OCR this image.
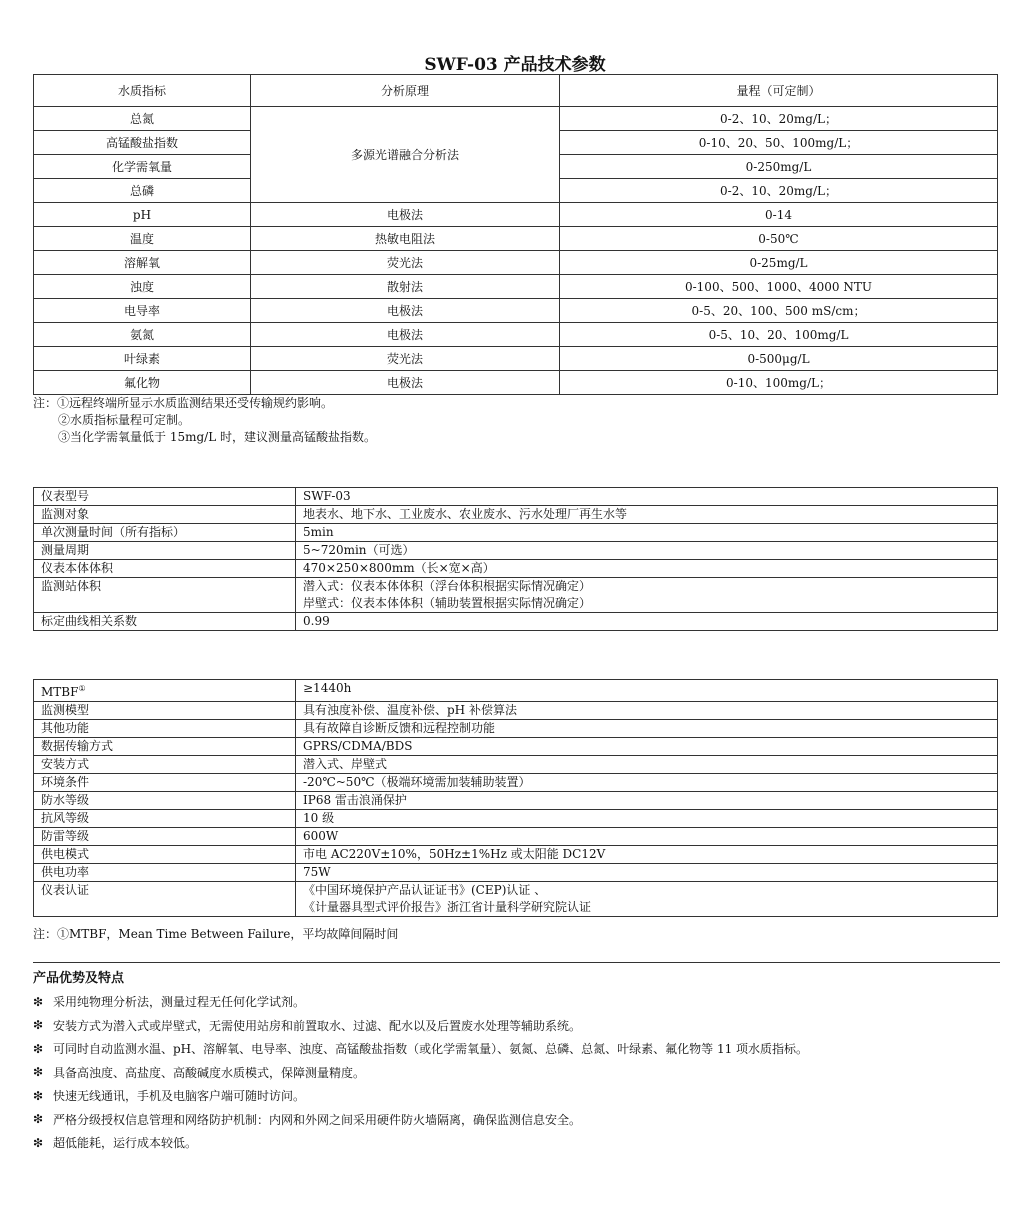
SWF-03 产品技术参数
水质指标	分析原理	量程（可定制）
总氮	多源光谱融合分析法	0-2、10、20mg/L；
高锰酸盐指数		0-10、20、50、100mg/L；
化学需氧量		0-250mg/L
总磷		0-2、10、20mg/L；
pH	电极法	0-14
温度	热敏电阻法	0-50℃
溶解氧	荧光法	0-25mg/L
浊度	散射法	0-100、500、1000、4000 NTU
电导率	电极法	0-5、20、100、500 mS/cm；
氨氮	电极法	0-5、10、20、100mg/L
叶绿素	荧光法	0-500μg/L
氟化物	电极法	0-10、100mg/L；
注：①远程终端所显示水质监测结果还受传输规约影响。
②水质指标量程可定制。
③当化学需氧量低于 15mg/L 时，建议测量高锰酸盐指数。
仪表型号	SWF-03
监测对象	地表水、地下水、工业废水、农业废水、污水处理厂再生水等
单次测量时间（所有指标）	5min
测量周期	5~720min（可选）
仪表本体体积	470×250×800mm（长×宽×高）
监测站体积	潜入式：仪表本体体积（浮台体积根据实际情况确定）
岸壁式：仪表本体体积（辅助装置根据实际情况确定）

标定曲线相关系数	0.99
MTBF①	≥1440h
监测模型	具有浊度补偿、温度补偿、pH 补偿算法
其他功能	具有故障自诊断反馈和远程控制功能
数据传输方式	GPRS/CDMA/BDS
安装方式	潜入式、岸壁式
环境条件	-20℃~50℃（极端环境需加装辅助装置）
防水等级	IP68 雷击浪涌保护
抗风等级	10 级
防雷等级	600W
供电模式	市电 AC220V±10%，50Hz±1%Hz 或太阳能 DC12V
供电功率	75W
仪表认证	《中国环境保护产品认证证书》(CEP)认证 、
《计量器具型式评价报告》浙江省计量科学研究院认证
注：①MTBF，Mean Time Between Failure，平均故障间隔时间
产品优势及特点
❇ 采用纯物理分析法，测量过程无任何化学试剂。
❇ 安装方式为潜入式或岸壁式，无需使用站房和前置取水、过滤、配水以及后置废水处理等辅助系统。
❇ 可同时自动监测水温、pH、溶解氧、电导率、浊度、高锰酸盐指数（或化学需氧量）、氨氮、总磷、总氮、叶绿素、氟化物等 11 项水质指标。
❇ 具备高浊度、高盐度、高酸碱度水质模式，保障测量精度。
❇ 快速无线通讯，手机及电脑客户端可随时访问。
❇ 严格分级授权信息管理和网络防护机制：内网和外网之间采用硬件防火墙隔离，确保监测信息安全。
❇ 超低能耗，运行成本较低。
